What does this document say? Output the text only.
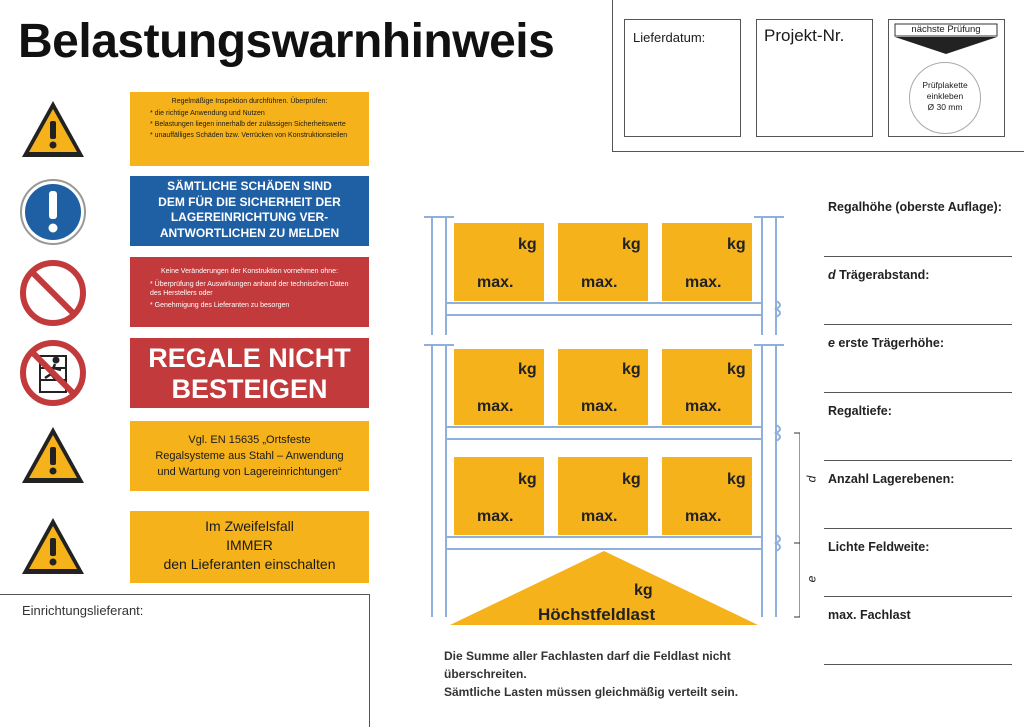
Belastungswarnhinweis	Lieferdatum:	Projekt-Nr.	nächste Prüfung
Prüfplakette
einkleben
Ø 30 mm
Regelmäßige Inspektion durchführen. Überprüfen:
* die richtige Anwendung und Nutzen
* Belastungen liegen innerhalb der zulässigen Sicherheitswerte
* unauffälliges Schäden bzw. Verrücken von Konstruktionsteilen
SÄMTLICHE SCHÄDEN SIND
DEM FÜR DIE SICHERHEIT DER
LAGEREINRICHTUNG VER-
ANTWORTLICHEN ZU MELDEN
Keine Veränderungen der Konstruktion vornehmen ohne:
* Überprüfung der Auswirkungen anhand der technischen Daten des Herstellers oder
* Genehmigung des Lieferanten zu besorgen
REGALE NICHT
BESTEIGEN
Vgl. EN 15635 „Ortsfeste
Regalsysteme aus Stahl – Anwendung
und Wartung von Lagereinrichtungen“
Im Zweifelsfall
IMMER
den Lieferanten einschalten
Einrichtungslieferant:
kg	kg	kg
max.	max.	max.
kg	kg	kg
max.	max.	max.
kg	kg	kg
max.	max.	max.
kg
Höchstfeldlast
d
e
Die Summe aller Fachlasten darf die Feldlast nicht
überschreiten.
Sämtliche Lasten müssen gleichmäßig verteilt sein.
Regalhöhe (oberste Auflage):
d Trägerabstand:
e erste Trägerhöhe:
Regaltiefe:
Anzahl Lagerebenen:
Lichte Feldweite:
max. Fachlast
